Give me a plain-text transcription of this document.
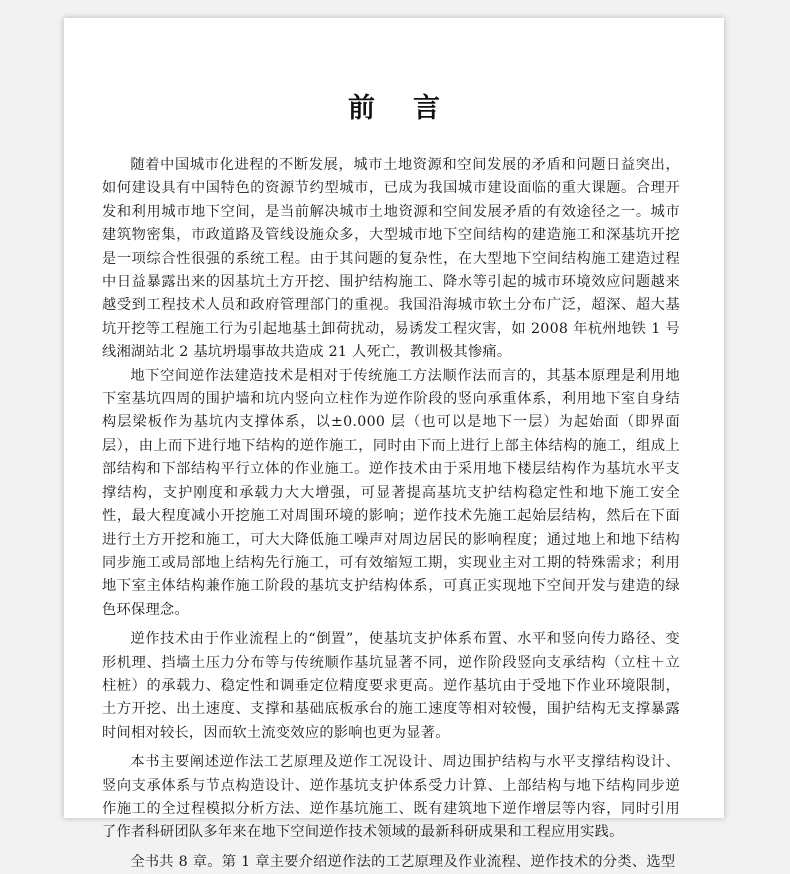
前 言

随着中国城市化进程的不断发展，城市土地资源和空间发展的矛盾和问题日益突出，如何建设具有中国特色的资源节约型城市，已成为我国城市建设面临的重大课题。合理开发和利用城市地下空间，是当前解决城市土地资源和空间发展矛盾的有效途径之一。城市建筑物密集，市政道路及管线设施众多，大型城市地下空间结构的建造施工和深基坑开挖是一项综合性很强的系统工程。由于其问题的复杂性，在大型地下空间结构施工建造过程中日益暴露出来的因基坑土方开挖、围护结构施工、降水等引起的城市环境效应问题越来越受到工程技术人员和政府管理部门的重视。我国沿海城市软土分布广泛，超深、超大基坑开挖等工程施工行为引起地基土卸荷扰动，易诱发工程灾害，如 2008 年杭州地铁 1 号线湘湖站北 2 基坑坍塌事故共造成 21 人死亡，教训极其惨痛。

地下空间逆作法建造技术是相对于传统施工方法顺作法而言的，其基本原理是利用地下室基坑四周的围护墙和坑内竖向立柱作为逆作阶段的竖向承重体系，利用地下室自身结构层梁板作为基坑内支撑体系，以±0.000 层（也可以是地下一层）为起始面（即界面层），由上而下进行地下结构的逆作施工，同时由下而上进行上部主体结构的施工，组成上部结构和下部结构平行立体的作业施工。逆作技术由于采用地下楼层结构作为基坑水平支撑结构，支护刚度和承载力大大增强，可显著提高基坑支护结构稳定性和地下施工安全性，最大程度减小开挖施工对周围环境的影响；逆作技术先施工起始层结构，然后在下面进行土方开挖和施工，可大大降低施工噪声对周边居民的影响程度；通过地上和地下结构同步施工或局部地上结构先行施工，可有效缩短工期，实现业主对工期的特殊需求；利用地下室主体结构兼作施工阶段的基坑支护结构体系，可真正实现地下空间开发与建造的绿色环保理念。

逆作技术由于作业流程上的“倒置”，使基坑支护体系布置、水平和竖向传力路径、变形机理、挡墙土压力分布等与传统顺作基坑显著不同，逆作阶段竖向支承结构（立柱＋立柱桩）的承载力、稳定性和调垂定位精度要求更高。逆作基坑由于受地下作业环境限制，土方开挖、出土速度、支撑和基础底板承台的施工速度等相对较慢，围护结构无支撑暴露时间相对较长，因而软土流变效应的影响也更为显著。

本书主要阐述逆作法工艺原理及逆作工况设计、周边围护结构与水平支撑结构设计、竖向支承体系与节点构造设计、逆作基坑支护体系受力计算、上部结构与地下结构同步逆作施工的全过程模拟分析方法、逆作基坑施工、既有建筑地下逆作增层等内容，同时引用了作者科研团队多年来在地下空间逆作技术领域的最新科研成果和工程应用实践。

全书共 8 章。第 1 章主要介绍逆作法的工艺原理及作业流程、逆作技术的分类、选型
